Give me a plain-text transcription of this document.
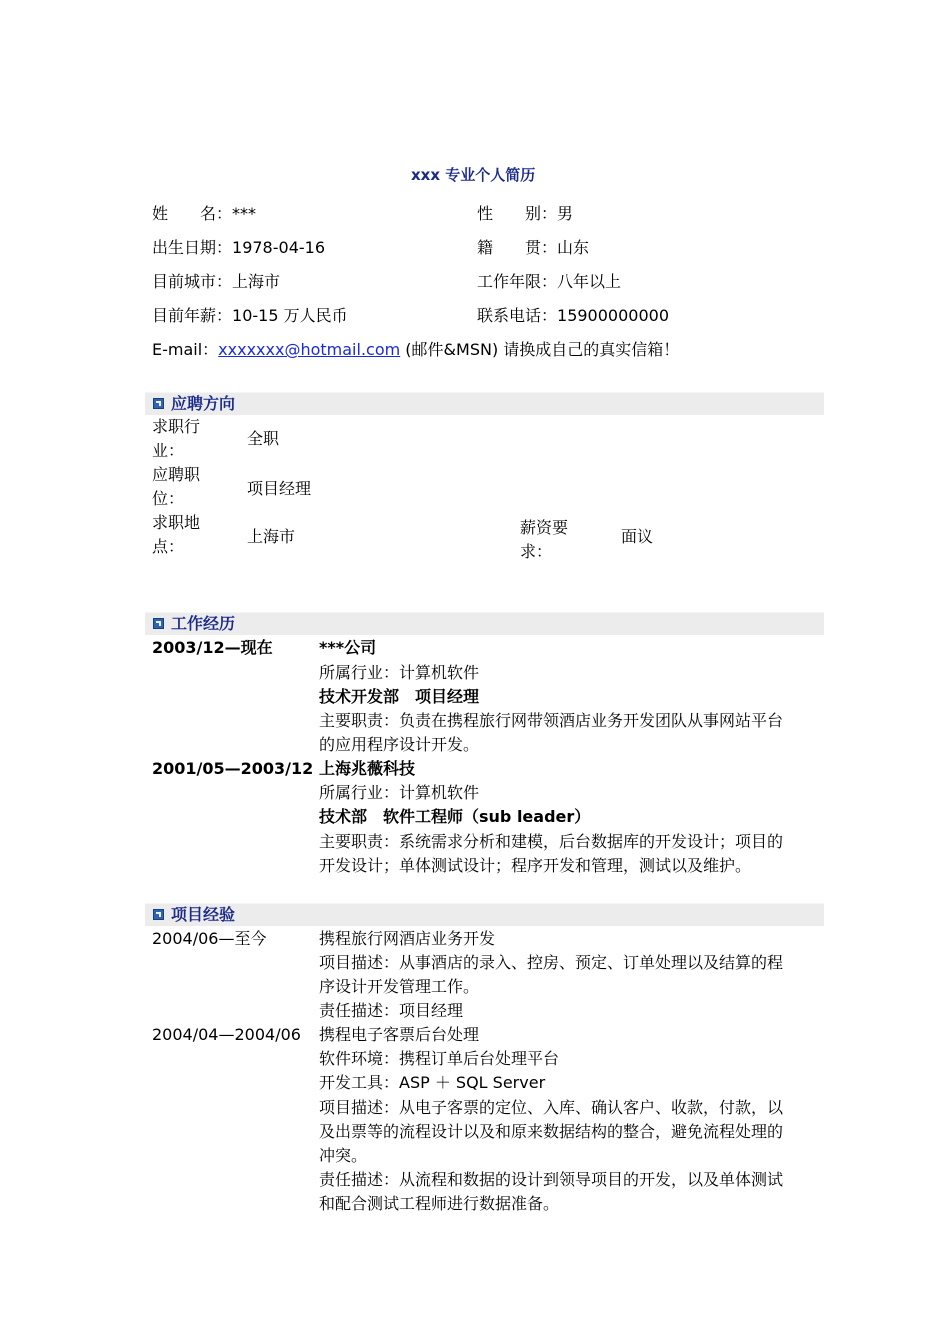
xxx 专业个人简历
姓　　名：***	性　　别：男
出生日期：1978-04-16	籍　　贯：山东
目前城市：上海市	工作年限：八年以上
目前年薪：10-15 万人民币	联系电话：15900000000
E-mail：xxxxxxx@hotmail.com (邮件&MSN) 请换成自己的真实信箱！
应聘方向
求职行
业：
全职
应聘职
位：
项目经理
求职地
点：
上海市	薪资要
求：
面议
工作经历
2003/12—现在	***公司
所属行业：计算机软件
技术开发部　项目经理
主要职责：负责在携程旅行网带领酒店业务开发团队从事网站平台
的应用程序设计开发。
2001/05—2003/12 上海兆薇科技
所属行业：计算机软件
技术部　软件工程师（sub leader）
主要职责：系统需求分析和建模，后台数据库的开发设计；项目的
开发设计；单体测试设计；程序开发和管理，测试以及维护。
项目经验
2004/06—至今	携程旅行网酒店业务开发
项目描述：从事酒店的录入、控房、预定、订单处理以及结算的程
序设计开发管理工作。
责任描述：项目经理
2004/04—2004/06 携程电子客票后台处理
软件环境：携程订单后台处理平台
开发工具：ASP ＋ SQL Server
项目描述：从电子客票的定位、入库、确认客户、收款，付款，以
及出票等的流程设计以及和原来数据结构的整合，避免流程处理的
冲突。
责任描述：从流程和数据的设计到领导项目的开发，以及单体测试
和配合测试工程师进行数据准备。
